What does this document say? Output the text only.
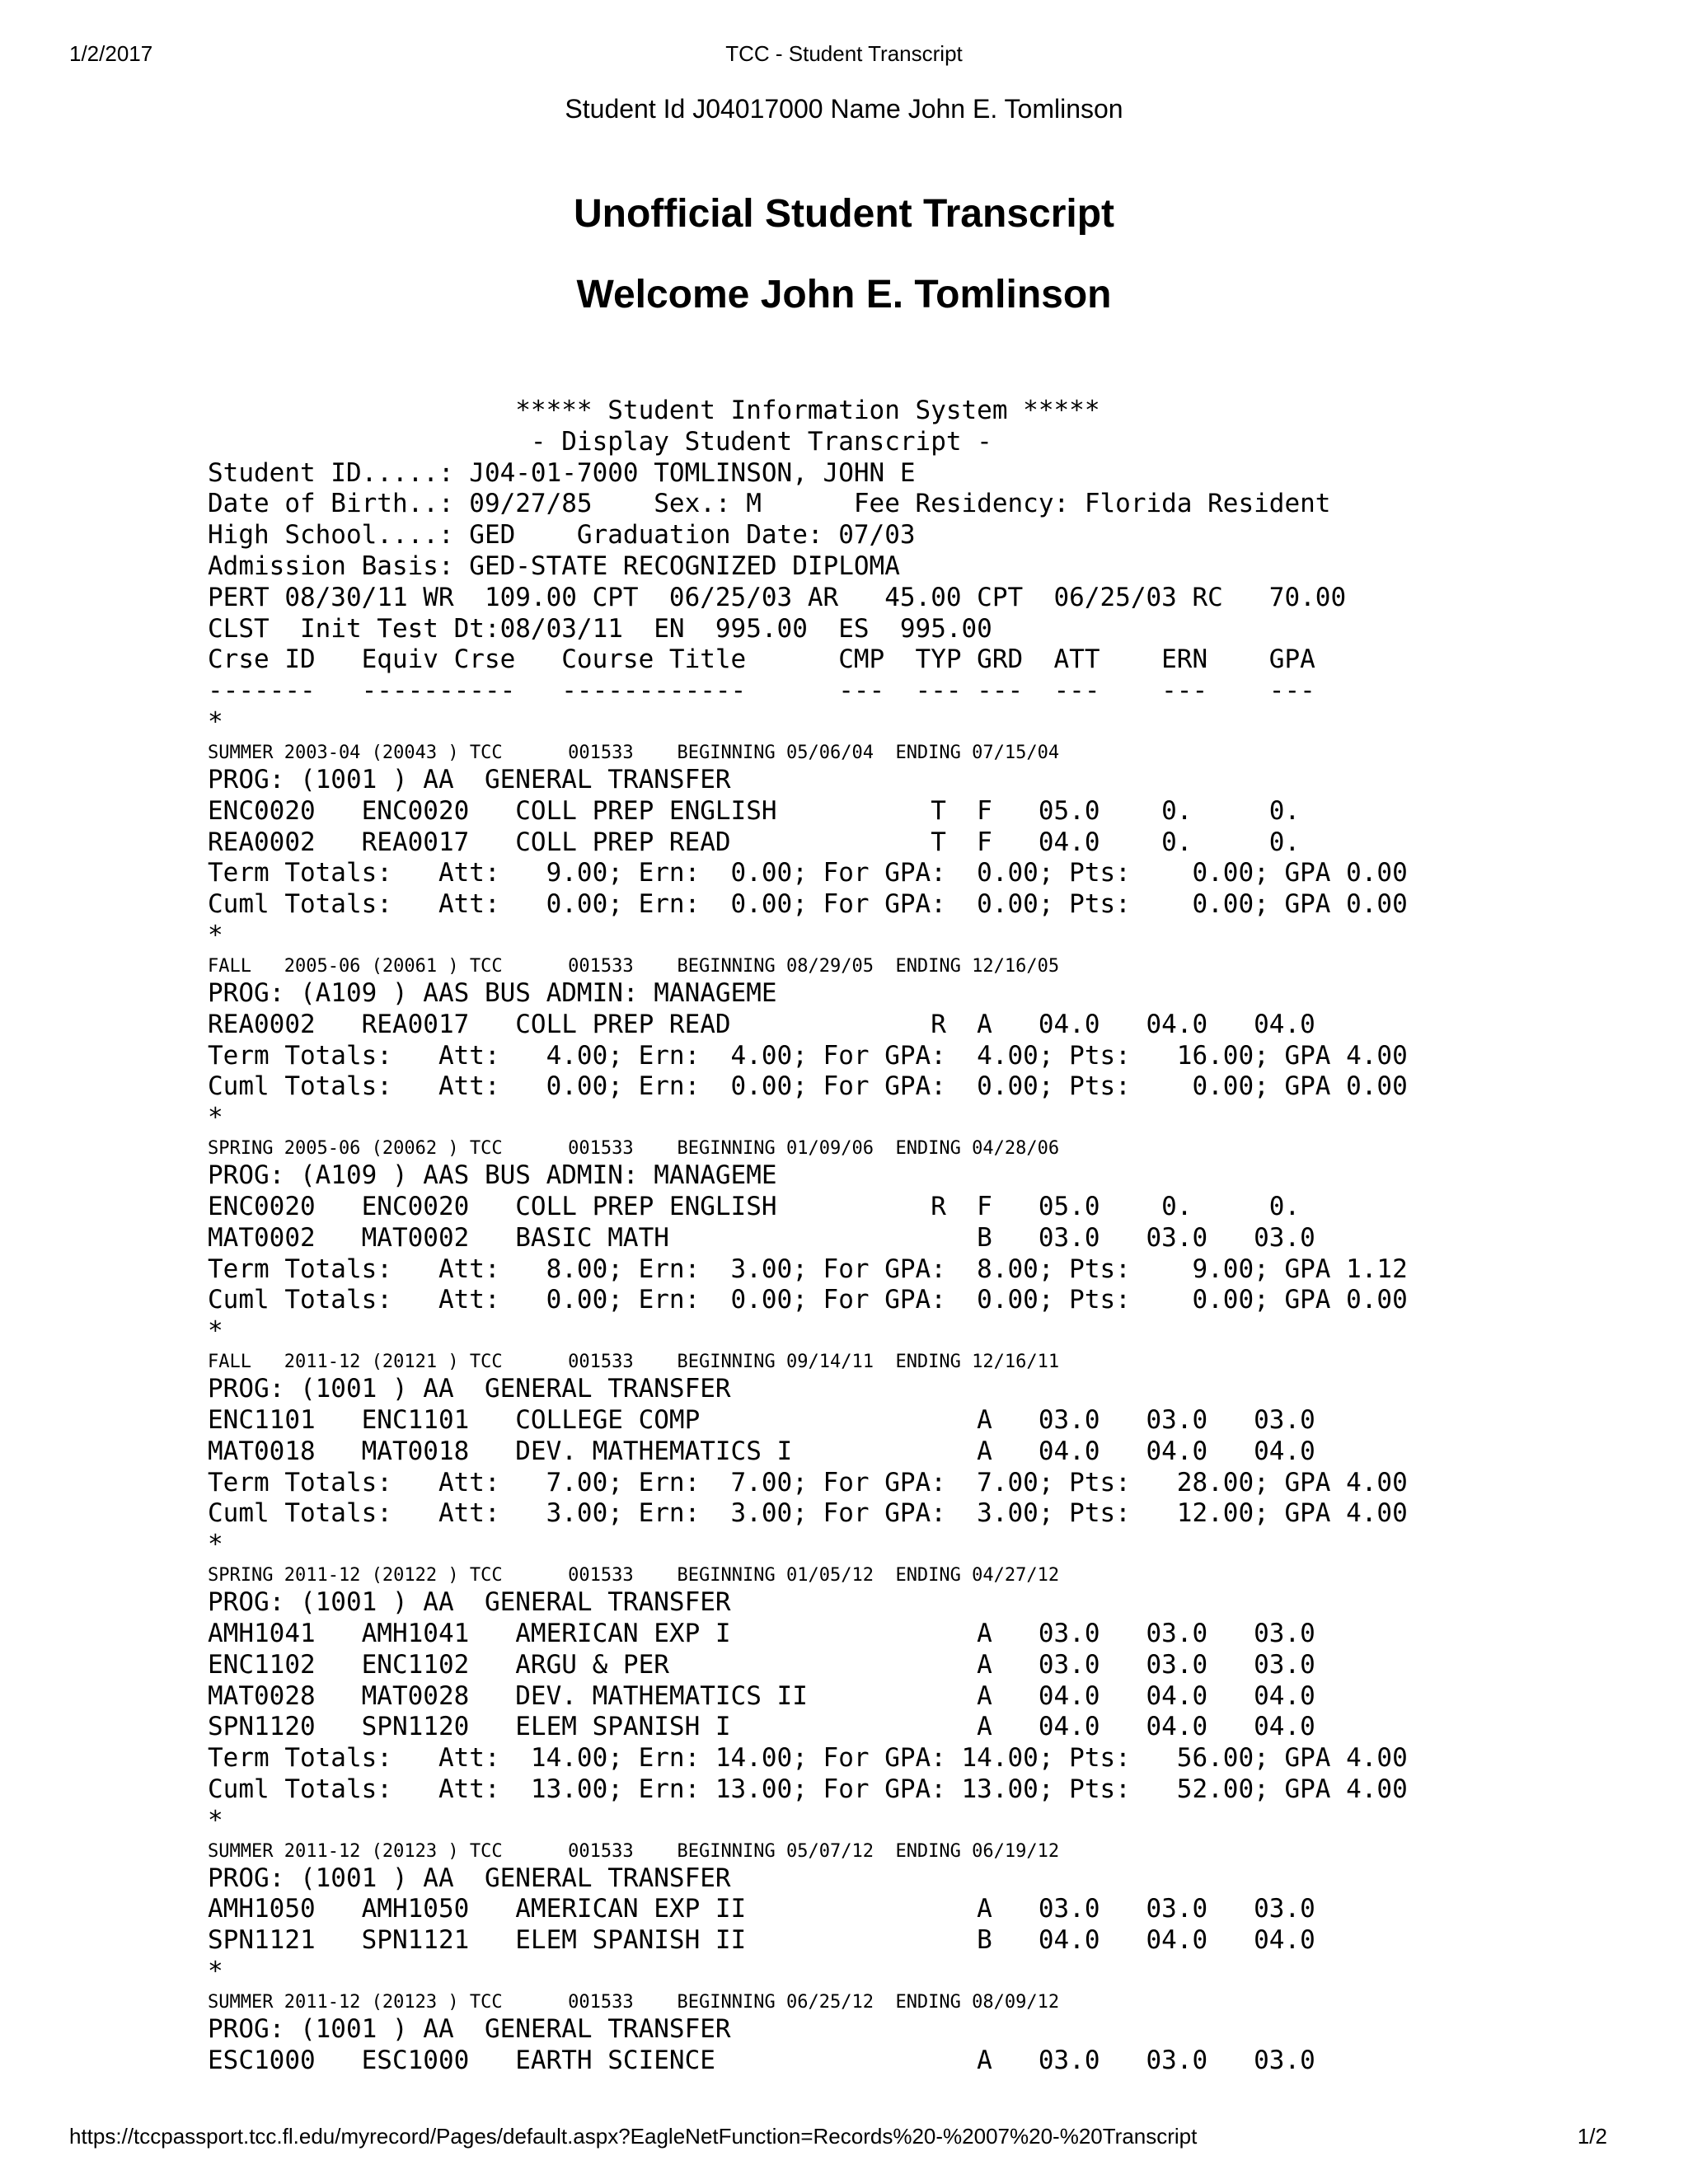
1/2/2017	TCC - Student Transcript
Student Id J04017000 Name John E. Tomlinson
Unofficial Student Transcript
Welcome John E. Tomlinson
***** Student Information System *****
- Display Student Transcript -
Student ID.....: J04-01-7000 TOMLINSON, JOHN E
Date of Birth..: 09/27/85    Sex.: M      Fee Residency: Florida Resident
High School....: GED    Graduation Date: 07/03
Admission Basis: GED-STATE RECOGNIZED DIPLOMA
PERT 08/30/11 WR  109.00 CPT  06/25/03 AR   45.00 CPT  06/25/03 RC   70.00
CLST  Init Test Dt:08/03/11  EN  995.00  ES  995.00
Crse ID   Equiv Crse   Course Title      CMP  TYP GRD  ATT    ERN    GPA
-------   ----------   ------------      ---  --- ---  ---    ---    ---
*
SUMMER 2003-04 (20043 ) TCC      001533    BEGINNING 05/06/04  ENDING 07/15/04
PROG: (1001 ) AA  GENERAL TRANSFER
ENC0020   ENC0020   COLL PREP ENGLISH          T  F   05.0    0.     0.
REA0002   REA0017   COLL PREP READ             T  F   04.0    0.     0.
Term Totals:   Att:   9.00; Ern:  0.00; For GPA:  0.00; Pts:    0.00; GPA 0.00
Cuml Totals:   Att:   0.00; Ern:  0.00; For GPA:  0.00; Pts:    0.00; GPA 0.00
*
FALL   2005-06 (20061 ) TCC      001533    BEGINNING 08/29/05  ENDING 12/16/05
PROG: (A109 ) AAS BUS ADMIN: MANAGEME
REA0002   REA0017   COLL PREP READ             R  A   04.0   04.0   04.0
Term Totals:   Att:   4.00; Ern:  4.00; For GPA:  4.00; Pts:   16.00; GPA 4.00
Cuml Totals:   Att:   0.00; Ern:  0.00; For GPA:  0.00; Pts:    0.00; GPA 0.00
*
SPRING 2005-06 (20062 ) TCC      001533    BEGINNING 01/09/06  ENDING 04/28/06
PROG: (A109 ) AAS BUS ADMIN: MANAGEME
ENC0020   ENC0020   COLL PREP ENGLISH          R  F   05.0    0.     0.
MAT0002   MAT0002   BASIC MATH                    B   03.0   03.0   03.0
Term Totals:   Att:   8.00; Ern:  3.00; For GPA:  8.00; Pts:    9.00; GPA 1.12
Cuml Totals:   Att:   0.00; Ern:  0.00; For GPA:  0.00; Pts:    0.00; GPA 0.00
*
FALL   2011-12 (20121 ) TCC      001533    BEGINNING 09/14/11  ENDING 12/16/11
PROG: (1001 ) AA  GENERAL TRANSFER
ENC1101   ENC1101   COLLEGE COMP                  A   03.0   03.0   03.0
MAT0018   MAT0018   DEV. MATHEMATICS I            A   04.0   04.0   04.0
Term Totals:   Att:   7.00; Ern:  7.00; For GPA:  7.00; Pts:   28.00; GPA 4.00
Cuml Totals:   Att:   3.00; Ern:  3.00; For GPA:  3.00; Pts:   12.00; GPA 4.00
*
SPRING 2011-12 (20122 ) TCC      001533    BEGINNING 01/05/12  ENDING 04/27/12
PROG: (1001 ) AA  GENERAL TRANSFER
AMH1041   AMH1041   AMERICAN EXP I                A   03.0   03.0   03.0
ENC1102   ENC1102   ARGU & PER                    A   03.0   03.0   03.0
MAT0028   MAT0028   DEV. MATHEMATICS II           A   04.0   04.0   04.0
SPN1120   SPN1120   ELEM SPANISH I                A   04.0   04.0   04.0
Term Totals:   Att:  14.00; Ern: 14.00; For GPA: 14.00; Pts:   56.00; GPA 4.00
Cuml Totals:   Att:  13.00; Ern: 13.00; For GPA: 13.00; Pts:   52.00; GPA 4.00
*
SUMMER 2011-12 (20123 ) TCC      001533    BEGINNING 05/07/12  ENDING 06/19/12
PROG: (1001 ) AA  GENERAL TRANSFER
AMH1050   AMH1050   AMERICAN EXP II               A   03.0   03.0   03.0
SPN1121   SPN1121   ELEM SPANISH II               B   04.0   04.0   04.0
*
SUMMER 2011-12 (20123 ) TCC      001533    BEGINNING 06/25/12  ENDING 08/09/12
PROG: (1001 ) AA  GENERAL TRANSFER
ESC1000   ESC1000   EARTH SCIENCE                 A   03.0   03.0   03.0
https://tccpassport.tcc.fl.edu/myrecord/Pages/default.aspx?EagleNetFunction=Records%20-%2007%20-%20Transcript	1/2
